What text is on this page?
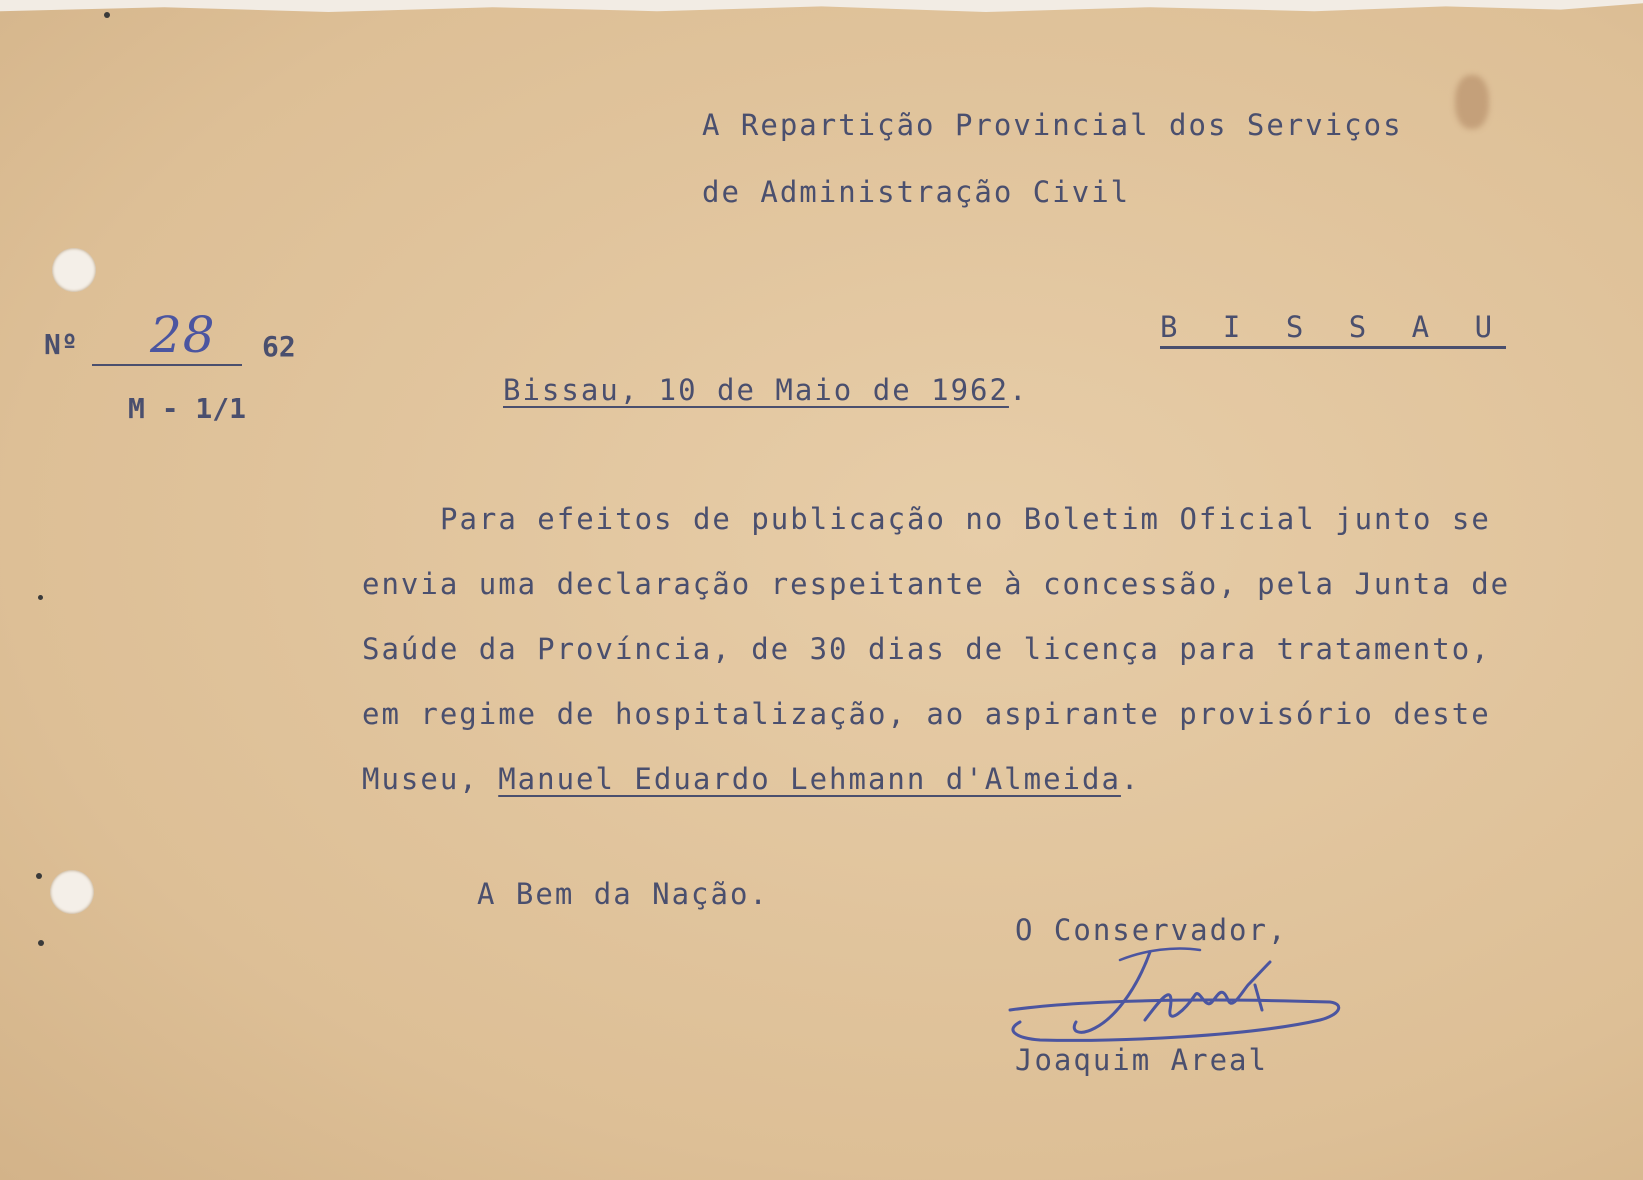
A Repartição Provincial dos Serviços
de Administração Civil
Nº 28 62
M - 1/1
B I S S A U
Bissau, 10 de Maio de 1962.
Para efeitos de publicação no Boletim Oficial junto se
envia uma declaração respeitante à concessão, pela Junta de
Saúde da Província, de 30 dias de licença para tratamento,
em regime de hospitalização, ao aspirante provisório deste
Museu, Manuel Eduardo Lehmann d'Almeida.
A Bem da Nação.
O Conservador,
Joaquim Areal
